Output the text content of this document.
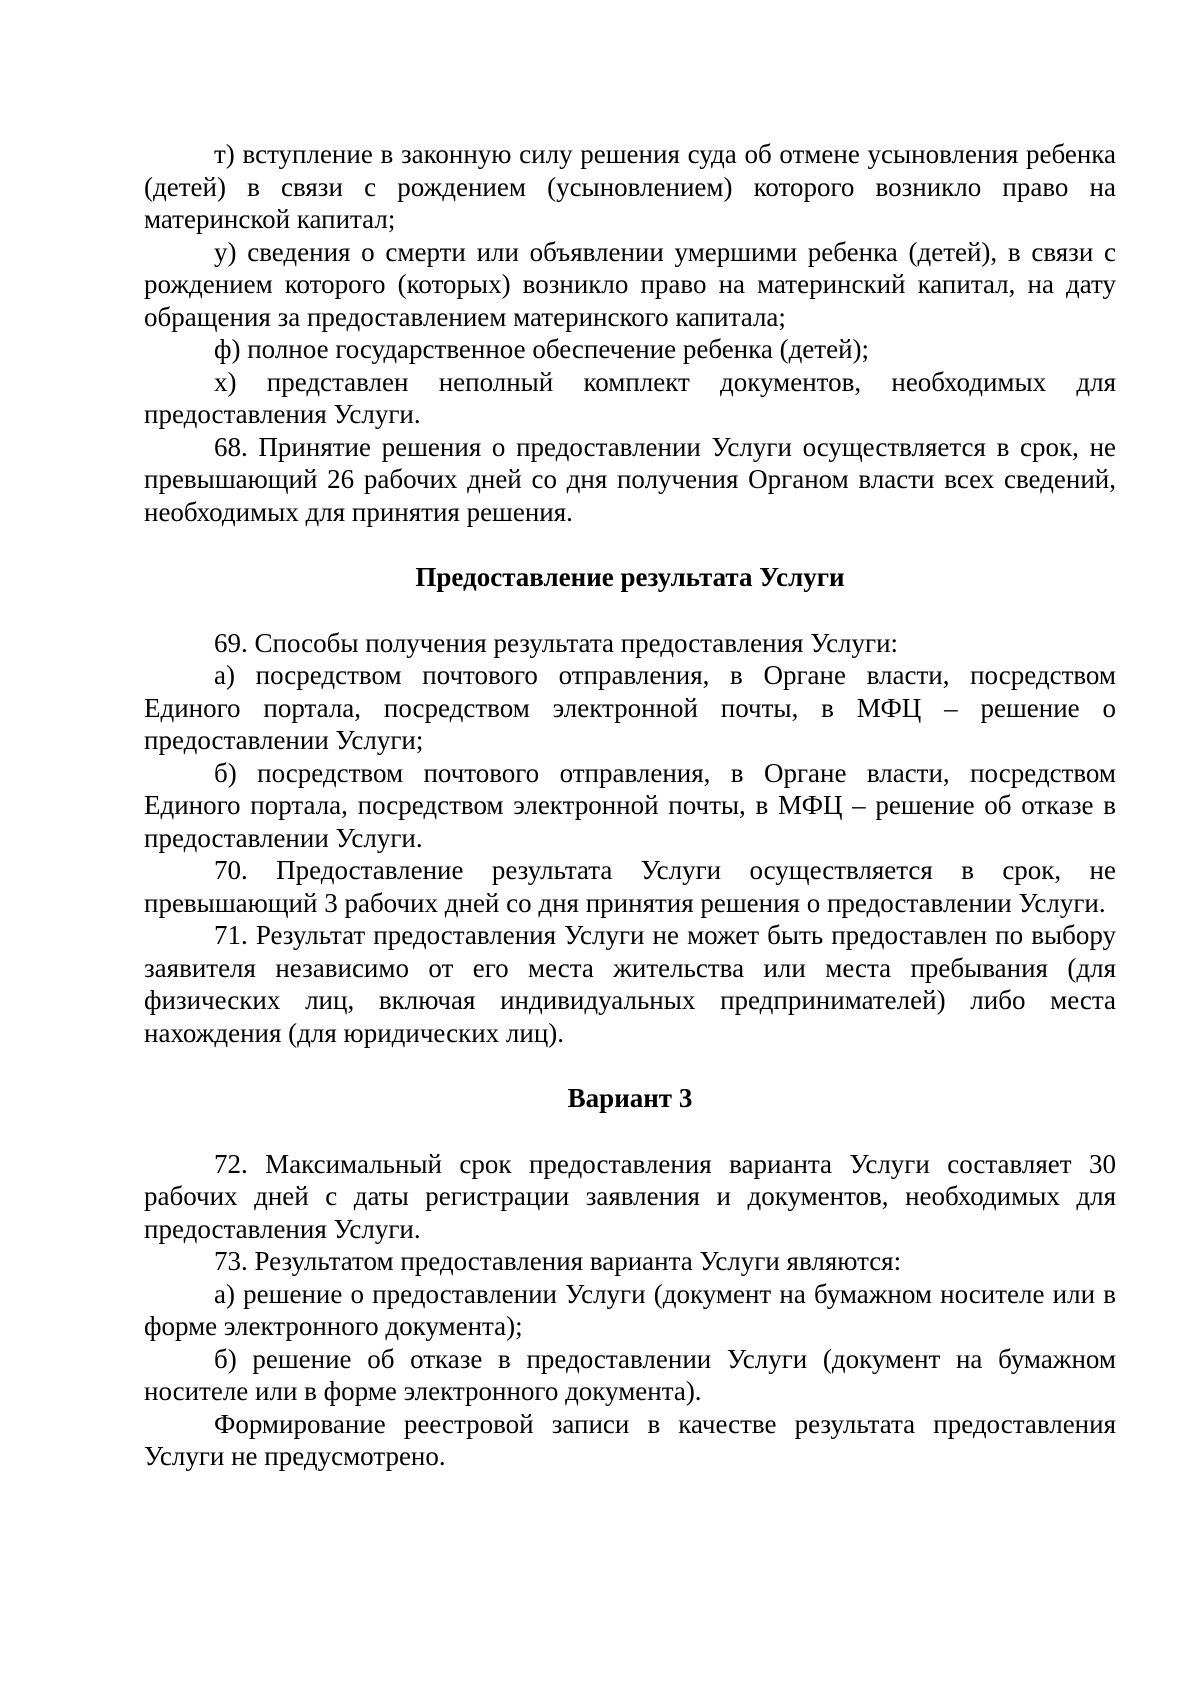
т) вступление в законную силу решения суда об отмене усыновления ребенка (детей) в связи с рождением (усыновлением) которого возникло право на материнской капитал;

у) сведения о смерти или объявлении умершими ребенка (детей), в связи с рождением которого (которых) возникло право на материнский капитал, на дату обращения за предоставлением материнского капитала;

ф) полное государственное обеспечение ребенка (детей);

х) представлен неполный комплект документов, необходимых для предоставления Услуги.

68. Принятие решения о предоставлении Услуги осуществляется в срок, не превышающий 26 рабочих дней со дня получения Органом власти всех сведений, необходимых для принятия решения.

Предоставление результата Услуги

69. Способы получения результата предоставления Услуги:

а) посредством почтового отправления, в Органе власти, посредством Единого портала, посредством электронной почты, в МФЦ – решение о предоставлении Услуги;

б) посредством почтового отправления, в Органе власти, посредством Единого портала, посредством электронной почты, в МФЦ – решение об отказе в предоставлении Услуги.

70. Предоставление результата Услуги осуществляется в срок, не превышающий 3 рабочих дней со дня принятия решения о предоставлении Услуги.

71. Результат предоставления Услуги не может быть предоставлен по выбору заявителя независимо от его места жительства или места пребывания (для физических лиц, включая индивидуальных предпринимателей) либо места нахождения (для юридических лиц).

Вариант 3

72. Максимальный срок предоставления варианта Услуги составляет 30 рабочих дней с даты регистрации заявления и документов, необходимых для предоставления Услуги.

73. Результатом предоставления варианта Услуги являются:

а) решение о предоставлении Услуги (документ на бумажном носителе или в форме электронного документа);

б) решение об отказе в предоставлении Услуги (документ на бумажном носителе или в форме электронного документа).

Формирование реестровой записи в качестве результата предоставления Услуги не предусмотрено.
